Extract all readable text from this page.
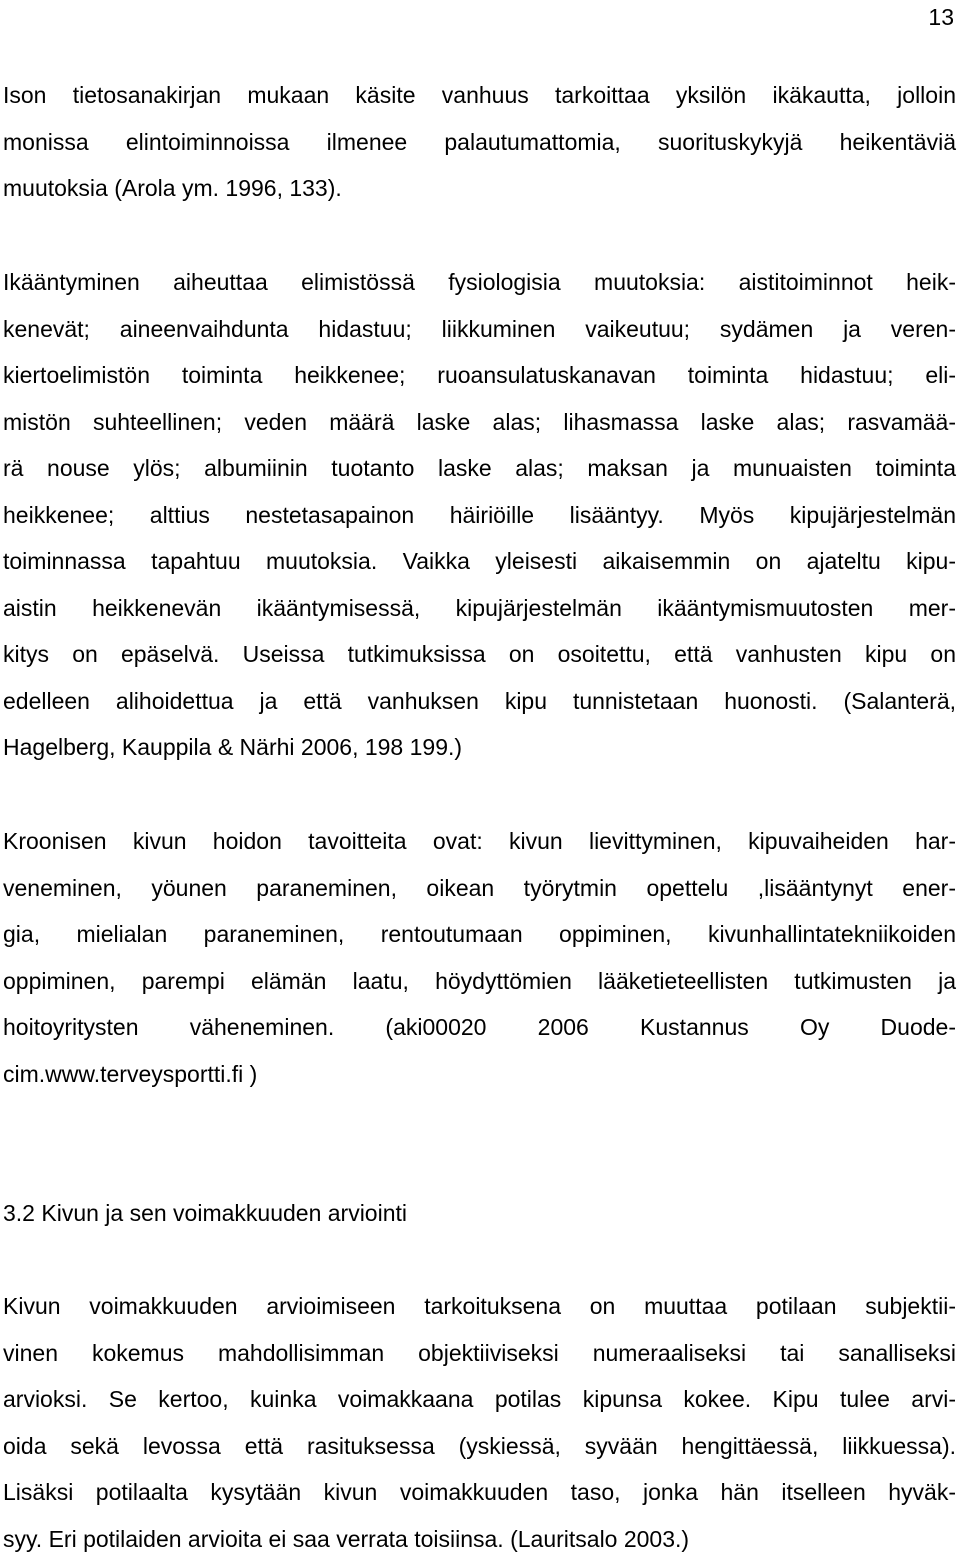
13
Ison tietosanakirjan mukaan käsite vanhuus tarkoittaa yksilön ikäkautta, jolloin
monissa elintoiminnoissa ilmenee palautumattomia, suorituskykyjä heikentäviä
muutoksia (Arola ym. 1996, 133).
Ikääntyminen aiheuttaa elimistössä fysiologisia muutoksia: aistitoiminnot heik-
kenevät; aineenvaihdunta hidastuu; liikkuminen vaikeutuu; sydämen ja veren-
kiertoelimistön toiminta heikkenee; ruoansulatuskanavan toiminta hidastuu; eli-
mistön suhteellinen; veden määrä laske alas; lihasmassa laske alas; rasvamää-
rä nouse ylös; albumiinin tuotanto laske alas; maksan ja munuaisten toiminta
heikkenee; alttius nestetasapainon häiriöille lisääntyy. Myös kipujärjestelmän
toiminnassa tapahtuu muutoksia. Vaikka yleisesti aikaisemmin on ajateltu kipu-
aistin heikkenevän ikääntymisessä, kipujärjestelmän ikääntymismuutosten mer-
kitys on epäselvä. Useissa tutkimuksissa on osoitettu, että vanhusten kipu on
edelleen alihoidettua ja että vanhuksen kipu tunnistetaan huonosti. (Salanterä,
Hagelberg, Kauppila & Närhi 2006, 198 199.)
Kroonisen kivun hoidon tavoitteita ovat: kivun lievittyminen, kipuvaiheiden har-
veneminen, yöunen paraneminen, oikean työrytmin opettelu ,lisääntynyt ener-
gia, mielialan paraneminen, rentoutumaan oppiminen, kivunhallintatekniikoiden
oppiminen, parempi elämän laatu, höydyttömien lääketieteellisten tutkimusten ja
hoitoyritysten väheneminen. (aki00020 2006 Kustannus Oy Duode-
cim.www.terveysportti.fi )
3.2 Kivun ja sen voimakkuuden arviointi
Kivun voimakkuuden arvioimiseen tarkoituksena on muuttaa potilaan subjektii-
vinen kokemus mahdollisimman objektiiviseksi numeraaliseksi tai sanalliseksi
arvioksi. Se kertoo, kuinka voimakkaana potilas kipunsa kokee. Kipu tulee arvi-
oida sekä levossa että rasituksessa (yskiessä, syvään hengittäessä, liikkuessa).
Lisäksi potilaalta kysytään kivun voimakkuuden taso, jonka hän itselleen hyväk-
syy. Eri potilaiden arvioita ei saa verrata toisiinsa. (Lauritsalo 2003.)
